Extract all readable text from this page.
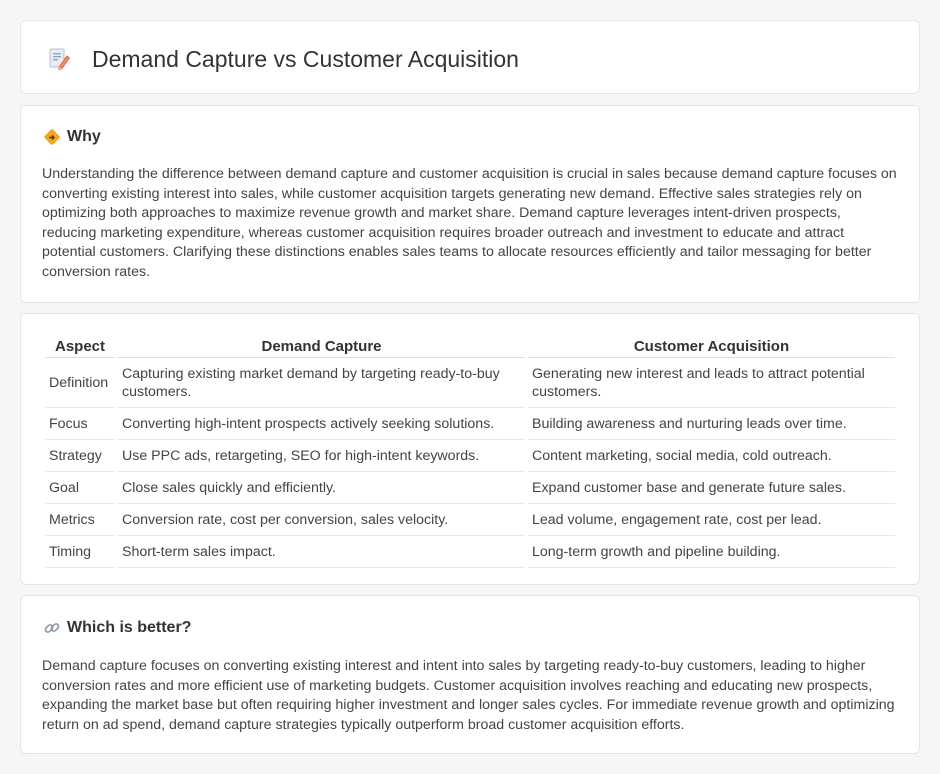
Demand Capture vs Customer Acquisition
Why

Understanding the difference between demand capture and customer acquisition is crucial in sales because demand capture focuses on converting existing interest into sales, while customer acquisition targets generating new demand. Effective sales strategies rely on optimizing both approaches to maximize revenue growth and market share. Demand capture leverages intent-driven prospects, reducing marketing expenditure, whereas customer acquisition requires broader outreach and investment to educate and attract potential customers. Clarifying these distinctions enables sales teams to allocate resources efficiently and tailor messaging for better conversion rates.

Aspect	Demand Capture	Customer Acquisition
Definition	Capturing existing market demand by targeting ready-to-buy customers.	Generating new interest and leads to attract potential customers.
Focus	Converting high-intent prospects actively seeking solutions.	Building awareness and nurturing leads over time.
Strategy	Use PPC ads, retargeting, SEO for high-intent keywords.	Content marketing, social media, cold outreach.
Goal	Close sales quickly and efficiently.	Expand customer base and generate future sales.
Metrics	Conversion rate, cost per conversion, sales velocity.	Lead volume, engagement rate, cost per lead.
Timing	Short-term sales impact.	Long-term growth and pipeline building.
Which is better?

Demand capture focuses on converting existing interest and intent into sales by targeting ready-to-buy customers, leading to higher conversion rates and more efficient use of marketing budgets. Customer acquisition involves reaching and educating new prospects, expanding the market base but often requiring higher investment and longer sales cycles. For immediate revenue growth and optimizing return on ad spend, demand capture strategies typically outperform broad customer acquisition efforts.
